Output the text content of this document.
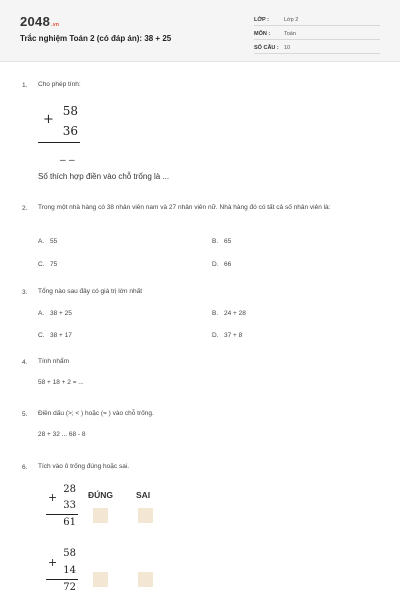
2048.vn
Trắc nghiệm Toán 2 (có đáp án): 38 + 25
LỚP :	Lớp 2
MÔN :	Toán
SỐ CÂU : 10
1. Cho phép tính:
58
+
36
_ _
Số thích hợp điền vào chỗ trống là ...
2. Trong một nhà hàng có 38 nhân viên nam và 27 nhân viên nữ. Nhà hàng đó có tất cả số nhân viên là:
A. 55	B. 65
C. 75	D. 66
3. Tổng nào sau đây có giá trị lớn nhất
A. 38 + 25	B. 24 + 28
C. 38 + 17	D. 37 + 8
4. Tính nhẩm
58 + 18 + 2 = ...
5. Điền dấu (>; < ) hoặc (= ) vào chỗ trống.
28 + 32 ... 68 - 8
6. Tích vào ô trống đúng hoặc sai.
ĐÚNG	SAI
28
+
33
61
58
+
14
72
